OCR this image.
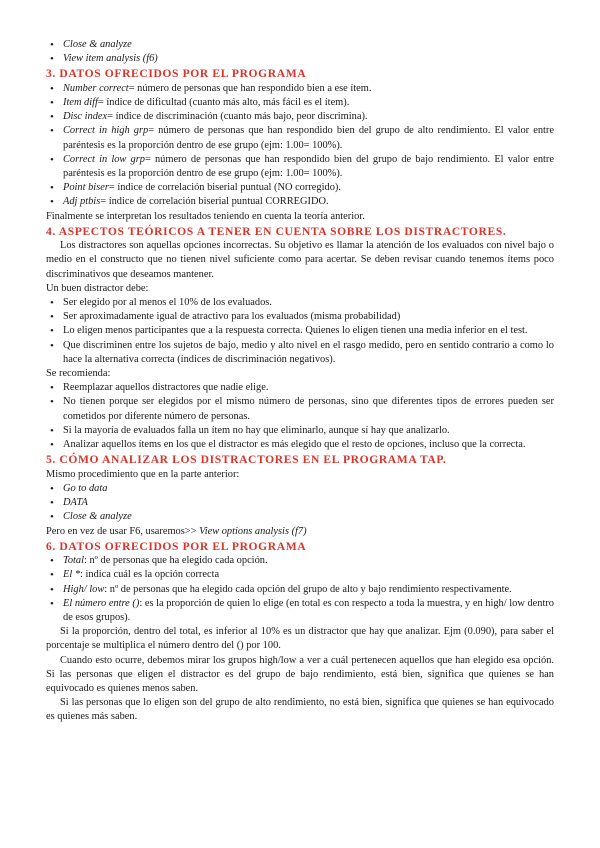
• Close & analyze
• View item analysis (f6)
3. DATOS OFRECIDOS POR EL PROGRAMA
• Number correct= número de personas que han respondido bien a ese ítem.
• Item diff= índice de dificultad (cuanto más alto, más fácil es el ítem).
• Disc index= índice de discriminación (cuanto más bajo, peor discrimina).
• Correct in high grp= número de personas que han respondido bien del grupo de alto rendimiento. El valor entre paréntesis es la proporción dentro de ese grupo (ejm: 1.00= 100%).
• Correct in low grp= número de personas que han respondido bien del grupo de bajo rendimiento. El valor entre paréntesis es la proporción dentro de ese grupo (ejm: 1.00= 100%).
• Point biser= índice de correlación biserial puntual (NO corregido).
• Adj ptbis= índice de correlación biserial puntual CORREGIDO.

Finalmente se interpretan los resultados teniendo en cuenta la teoría anterior.

4. ASPECTOS TEÓRICOS A TENER EN CUENTA SOBRE LOS DISTRACTORES.

Los distractores son aquellas opciones incorrectas. Su objetivo es llamar la atención de los evaluados con nivel bajo o medio en el constructo que no tienen nivel suficiente como para acertar. Se deben revisar cuando tenemos ítems poco discriminativos que deseamos mantener.

Un buen distractor debe:

• Ser elegido por al menos el 10% de los evaluados.
• Ser aproximadamente igual de atractivo para los evaluados (misma probabilidad)
• Lo eligen menos participantes que a la respuesta correcta. Quienes lo eligen tienen una media inferior en el test.
• Que discriminen entre los sujetos de bajo, medio y alto nivel en el rasgo medido, pero en sentido contrario a como lo hace la alternativa correcta (índices de discriminación negativos).

Se recomienda:

• Reemplazar aquellos distractores que nadie elige.
• No tienen porque ser elegidos por el mismo número de personas, sino que diferentes tipos de errores pueden ser cometidos por diferente número de personas.
• Si la mayoría de evaluados falla un ítem no hay que eliminarlo, aunque sí hay que analizarlo.
• Analizar aquellos ítems en los que el distractor es más elegido que el resto de opciones, incluso que la correcta.
5. CÓMO ANALIZAR LOS DISTRACTORES EN EL PROGRAMA TAP.

Mismo procedimiento que en la parte anterior:

• Go to data
• DATA
• Close & analyze

Pero en vez de usar F6, usaremos>> View options analysis (f7)

6. DATOS OFRECIDOS POR EL PROGRAMA
• Total: nº de personas que ha elegido cada opción.
• El *: indica cuál es la opción correcta
• High/ low: nº de personas que ha elegido cada opción del grupo de alto y bajo rendimiento respectivamente.
• El número entre (): es la proporción de quien lo elige (en total es con respecto a toda la muestra, y en high/ low dentro de esos grupos).

Si la proporción, dentro del total, es inferior al 10% es un distractor que hay que analizar. Ejm (0.090), para saber el porcentaje se multiplica el número dentro del () por 100.

Cuando esto ocurre, debemos mirar los grupos high/low a ver a cuál pertenecen aquellos que han elegido esa opción. Si las personas que eligen el distractor es del grupo de bajo rendimiento, está bien, significa que quienes se han equivocado es quienes menos saben.

Si las personas que lo eligen son del grupo de alto rendimiento, no está bien, significa que quienes se han equivocado es quienes más saben.
